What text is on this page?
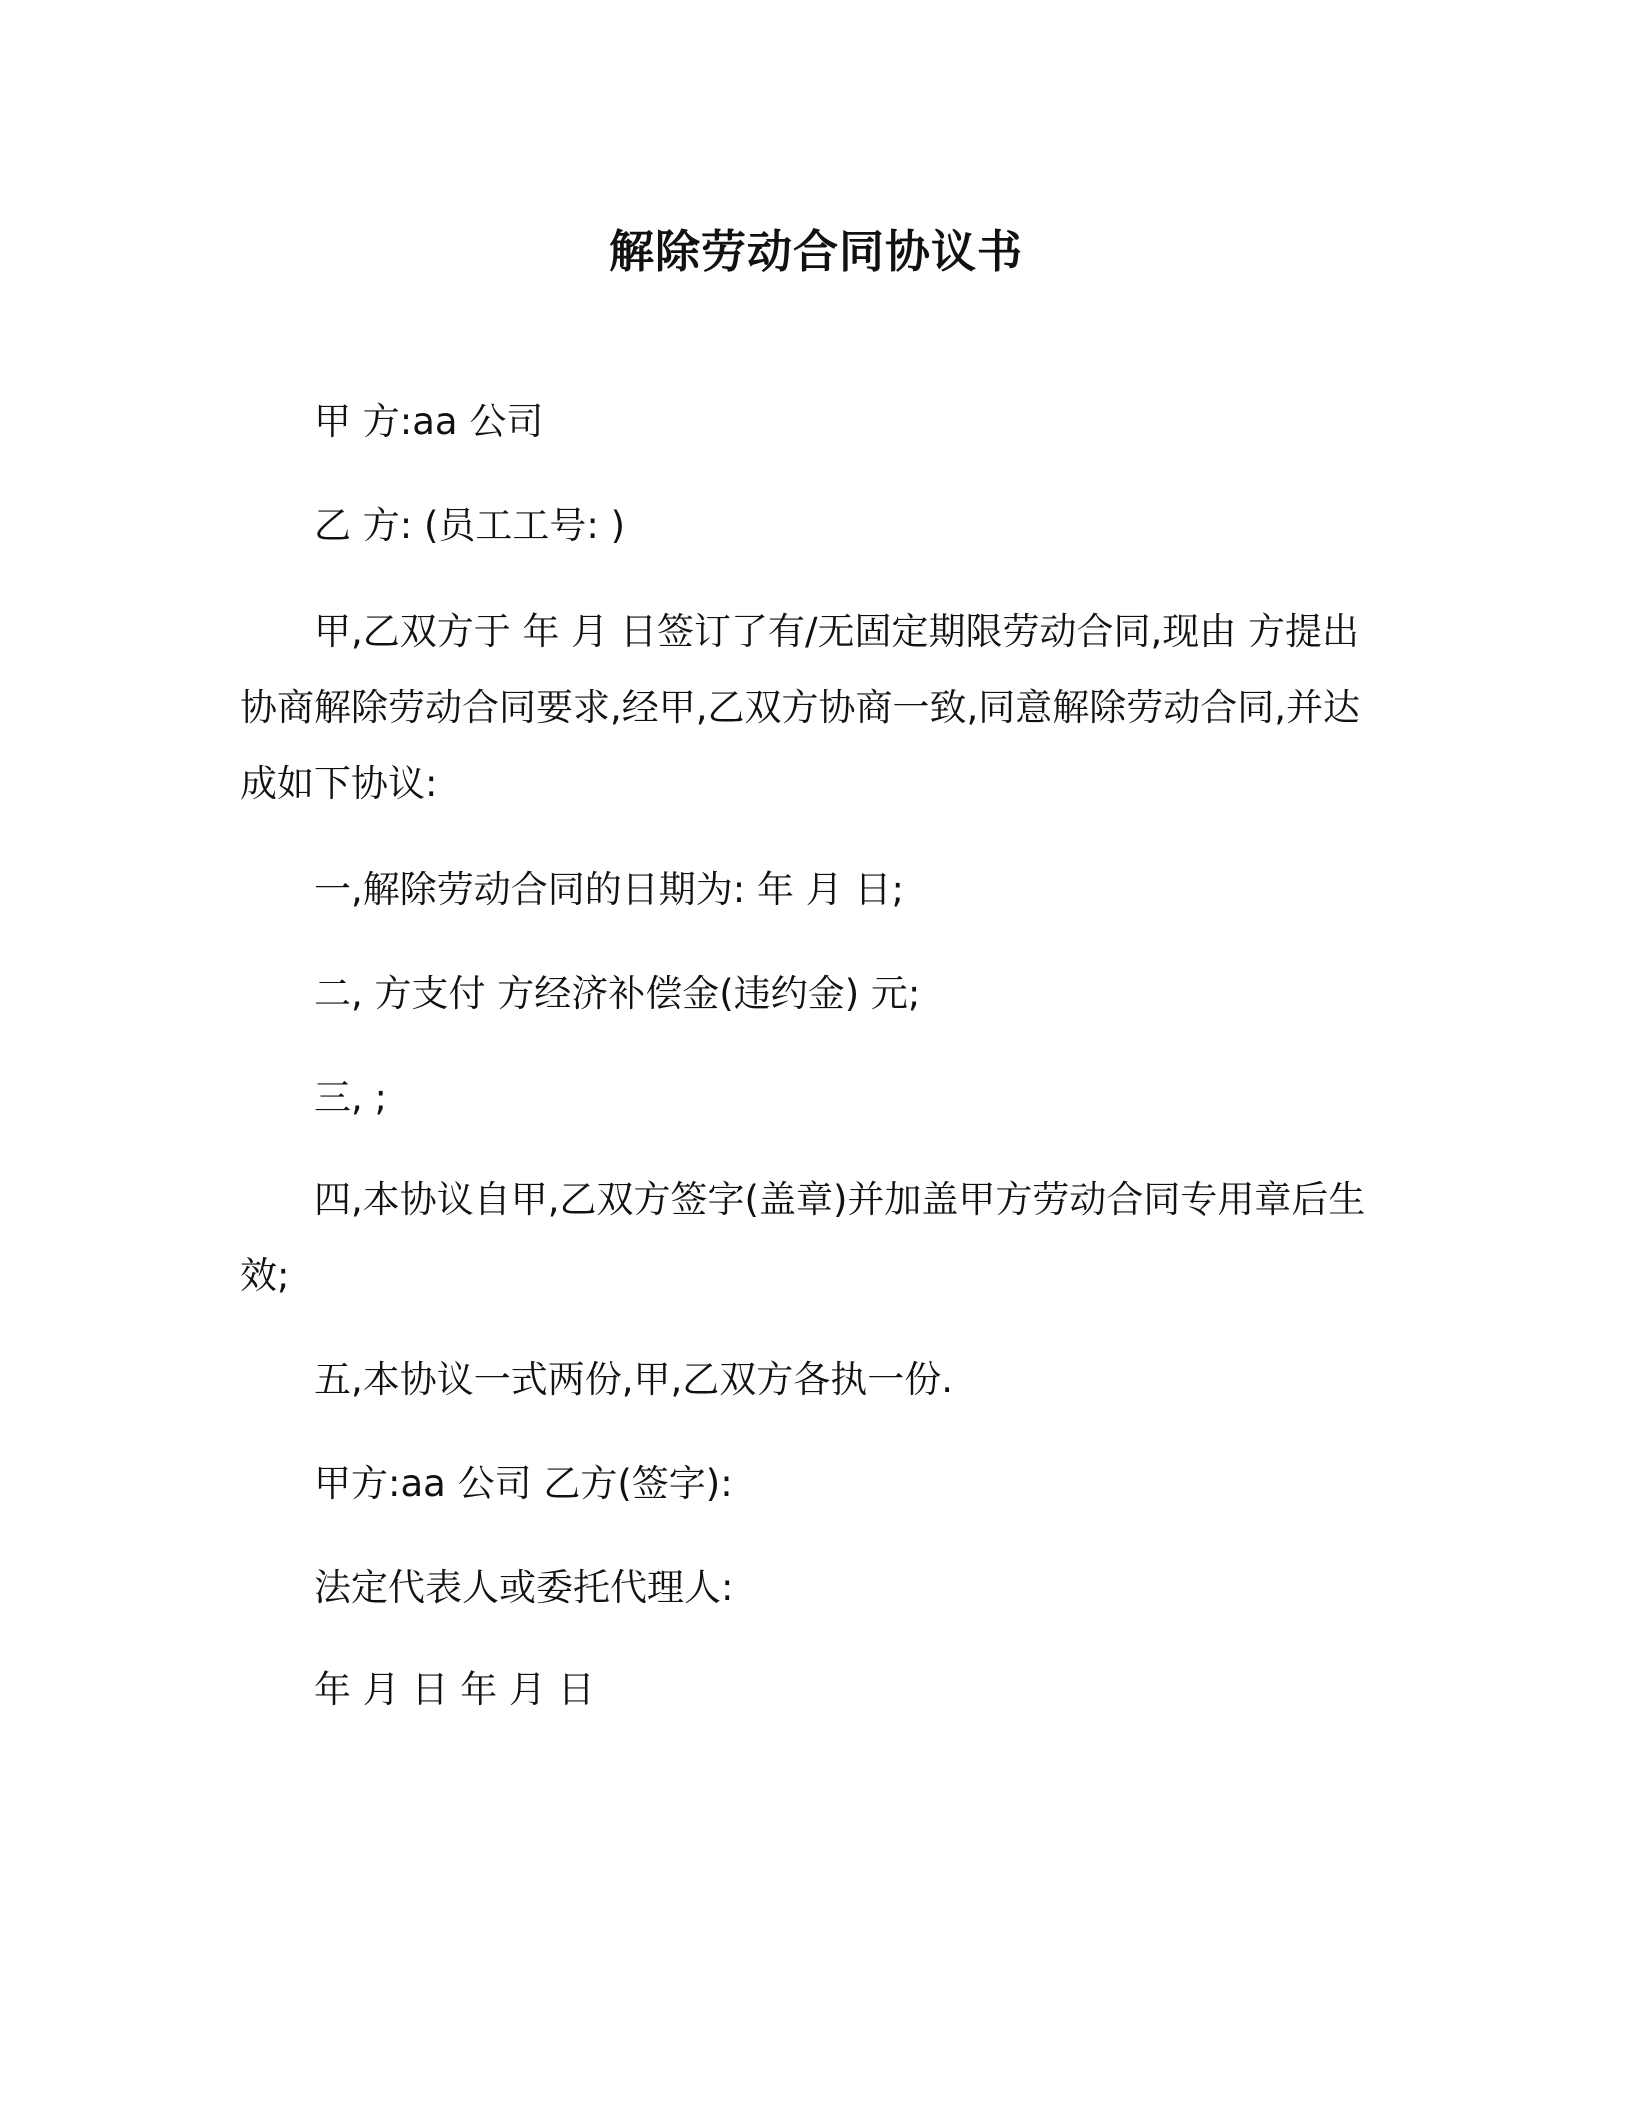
解除劳动合同协议书
甲 方:aa 公司
乙 方: (员工工号: )
甲,乙双方于 年 月 日签订了有/无固定期限劳动合同,现由 方提出
协商解除劳动合同要求,经甲,乙双方协商一致,同意解除劳动合同,并达
成如下协议:
一,解除劳动合同的日期为: 年 月 日;
二, 方支付 方经济补偿金(违约金) 元;
三, ;
四,本协议自甲,乙双方签字(盖章)并加盖甲方劳动合同专用章后生
效;
五,本协议一式两份,甲,乙双方各执一份.
甲方:aa 公司 乙方(签字):
法定代表人或委托代理人:
年 月 日 年 月 日
